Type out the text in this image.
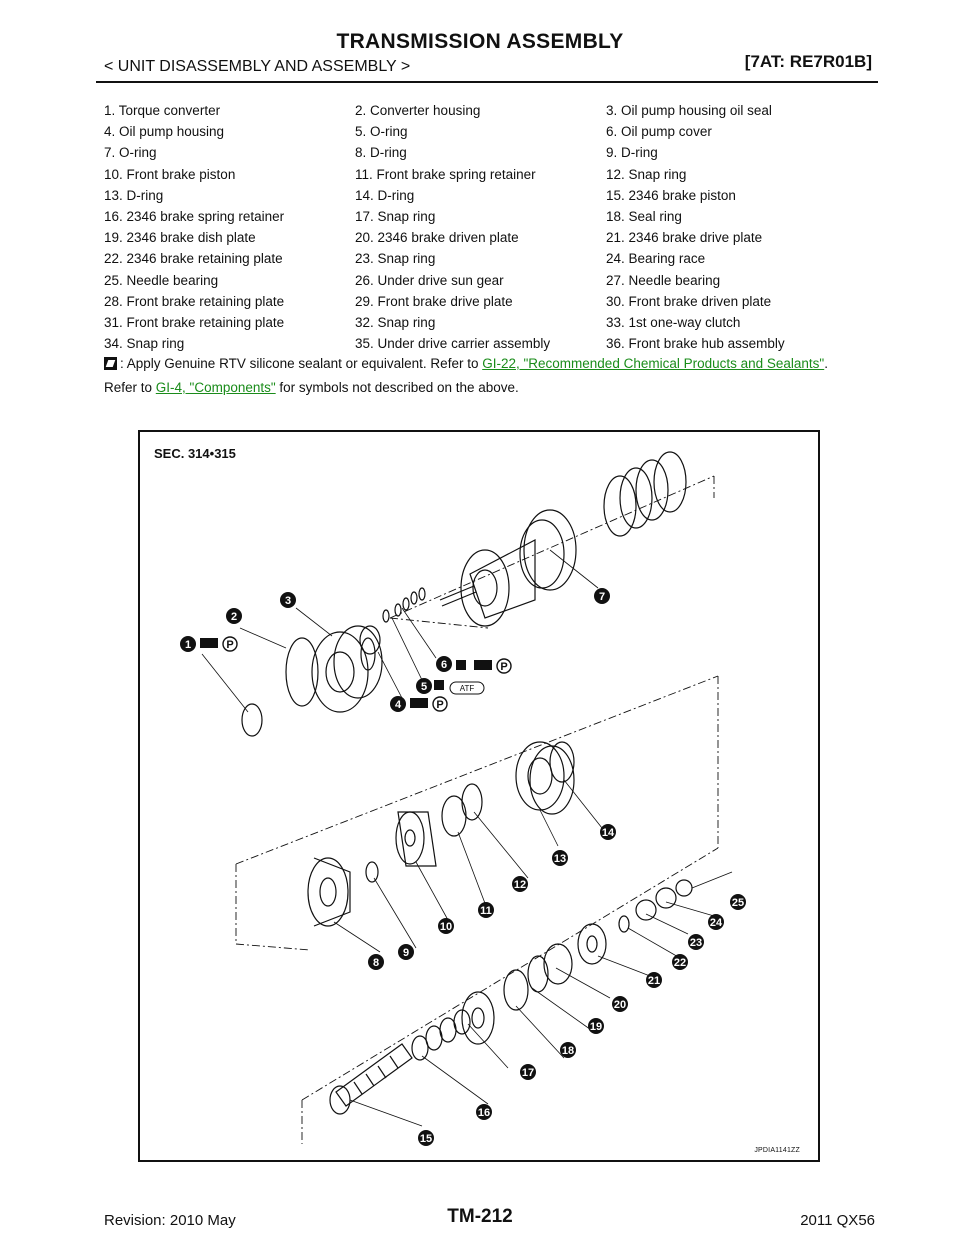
TRANSMISSION ASSEMBLY
< UNIT DISASSEMBLY AND ASSEMBLY >	[7AT: RE7R01B]
1. Torque converter	2. Converter housing	3. Oil pump housing oil seal
4. Oil pump housing	5. O-ring	6. Oil pump cover
7. O-ring	8. D-ring	9. D-ring
10. Front brake piston	11. Front brake spring retainer	12. Snap ring
13. D-ring	14. D-ring	15. 2346 brake piston
16. 2346 brake spring retainer	17. Snap ring	18. Seal ring
19. 2346 brake dish plate	20. 2346 brake driven plate	21. 2346 brake drive plate
22. 2346 brake retaining plate	23. Snap ring	24. Bearing race
25. Needle bearing	26. Under drive sun gear	27. Needle bearing
28. Front brake retaining plate	29. Front brake drive plate	30. Front brake driven plate
31. Front brake retaining plate	32. Snap ring	33. 1st one-way clutch
34. Snap ring	35. Under drive carrier assembly	36. Front brake hub assembly
: Apply Genuine RTV silicone sealant or equivalent. Refer to GI-22, "Recommended Chemical Products and Sealants".
Refer to GI-4, "Components" for symbols not described on the above.
SEC. 314•315
1
2
3
4
5
6
7
8
9
10
11
12
13
14
15
16
17
18
19
20
21
22
23
24
25
P
P
P
ATF
JPDIA1141ZZ
Revision: 2010 May	TM-212	2011 QX56
